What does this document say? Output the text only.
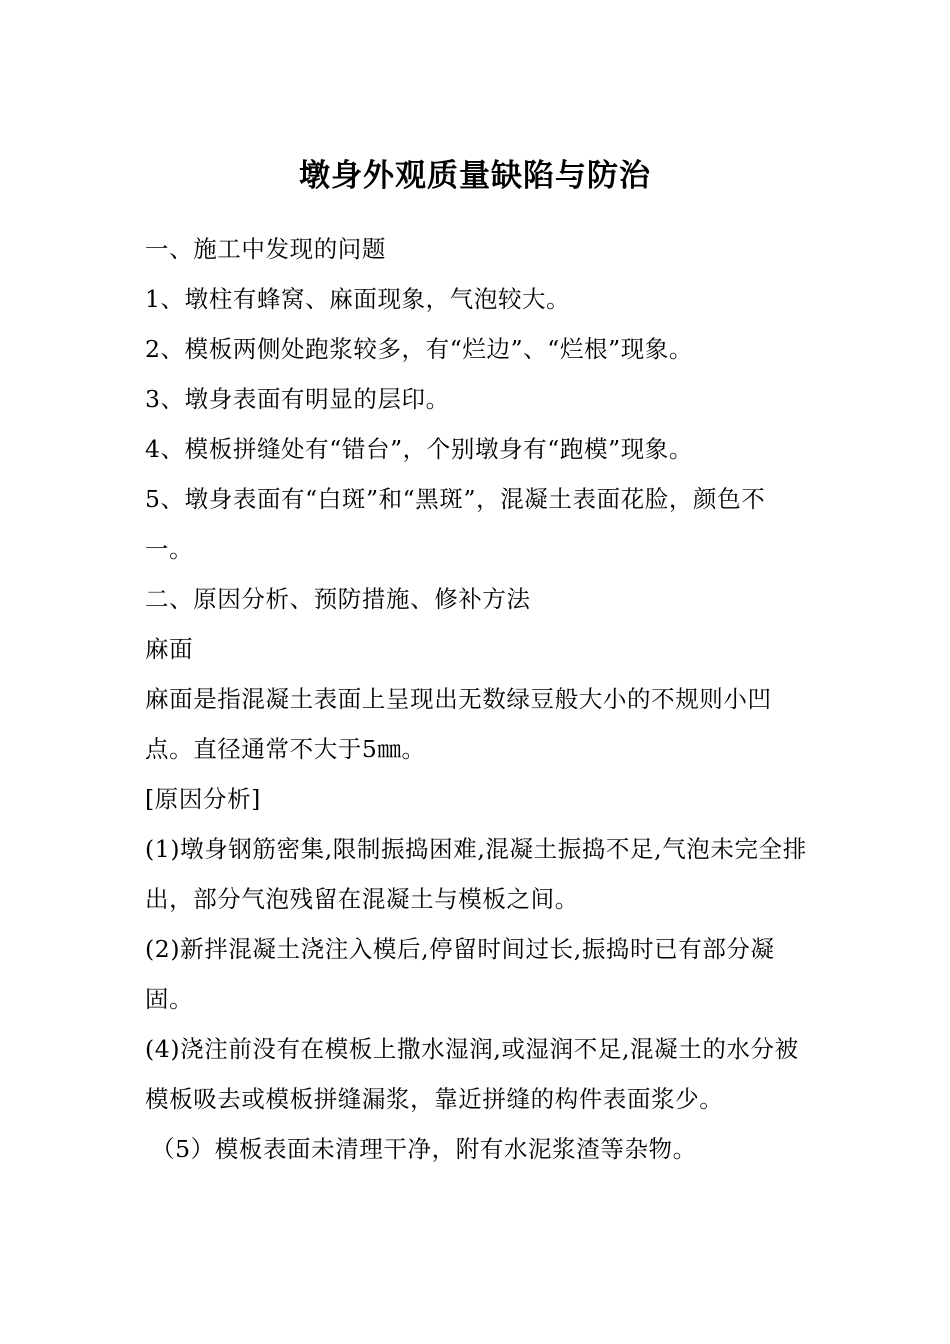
墩身外观质量缺陷与防治

一、施工中发现的问题

1、墩柱有蜂窝、麻面现象，气泡较大。

2、模板两侧处跑浆较多，有“烂边”、“烂根”现象。

3、墩身表面有明显的层印。

4、模板拼缝处有“错台”，个别墩身有“跑模”现象。

5、墩身表面有“白斑”和“黑斑”，混凝土表面花脸，颜色不一。

二、原因分析、预防措施、修补方法

麻面

麻面是指混凝土表面上呈现出无数绿豆般大小的不规则小凹点。直径通常不大于5㎜。

[原因分析]

(1)墩身钢筋密集,限制振捣困难,混凝土振捣不足,气泡未完全排出，部分气泡残留在混凝土与模板之间。

(2)新拌混凝土浇注入模后,停留时间过长,振捣时已有部分凝固。

(4)浇注前没有在模板上撒水湿润,或湿润不足,混凝土的水分被模板吸去或模板拼缝漏浆，靠近拼缝的构件表面浆少。

（5）模板表面未清理干净，附有水泥浆渣等杂物。
